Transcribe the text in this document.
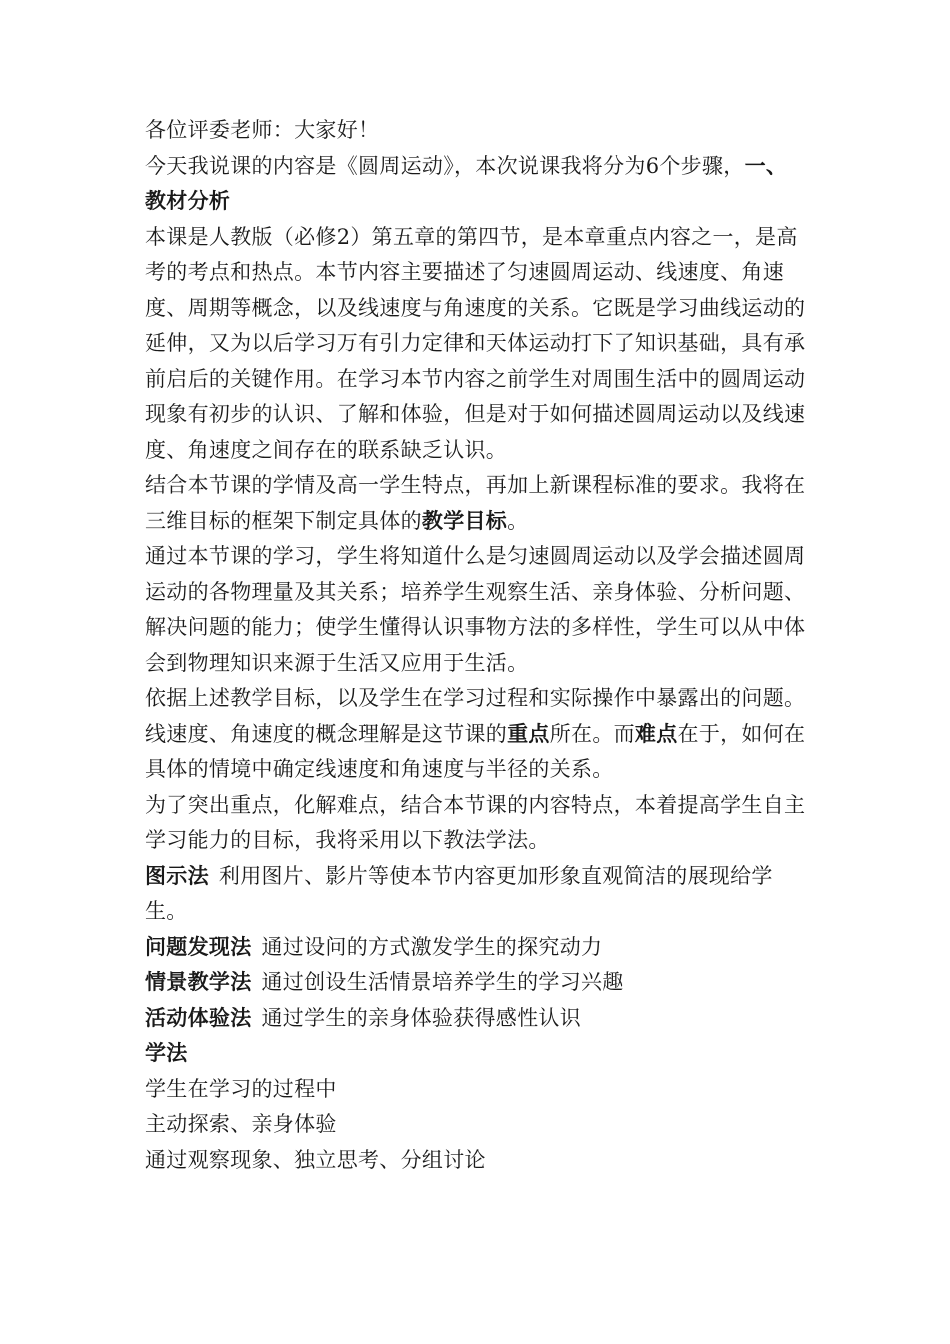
各位评委老师：大家好！

今天我说课的内容是《圆周运动》，本次说课我将分为6个步骤，一、

教材分析

本课是人教版（必修2）第五章的第四节，是本章重点内容之一，是高考的考点和热点。本节内容主要描述了匀速圆周运动、线速度、角速度、周期等概念，以及线速度与角速度的关系。它既是学习曲线运动的延伸，又为以后学习万有引力定律和天体运动打下了知识基础，具有承前启后的关键作用。在学习本节内容之前学生对周围生活中的圆周运动现象有初步的认识、了解和体验，但是对于如何描述圆周运动以及线速度、角速度之间存在的联系缺乏认识。

结合本节课的学情及高一学生特点，再加上新课程标准的要求。我将在三维目标的框架下制定具体的教学目标。

通过本节课的学习，学生将知道什么是匀速圆周运动以及学会描述圆周运动的各物理量及其关系；培养学生观察生活、亲身体验、分析问题、解决问题的能力；使学生懂得认识事物方法的多样性，学生可以从中体会到物理知识来源于生活又应用于生活。

依据上述教学目标，以及学生在学习过程和实际操作中暴露出的问题。

线速度、角速度的概念理解是这节课的重点所在。而难点在于，如何在具体的情境中确定线速度和角速度与半径的关系。

为了突出重点，化解难点，结合本节课的内容特点，本着提高学生自主学习能力的目标，我将采用以下教法学法。

图示法 利用图片、影片等使本节内容更加形象直观简洁的展现给学生。

问题发现法 通过设问的方式激发学生的探究动力

情景教学法 通过创设生活情景培养学生的学习兴趣

活动体验法 通过学生的亲身体验获得感性认识

学法

学生在学习的过程中

主动探索、亲身体验

通过观察现象、独立思考、分组讨论
